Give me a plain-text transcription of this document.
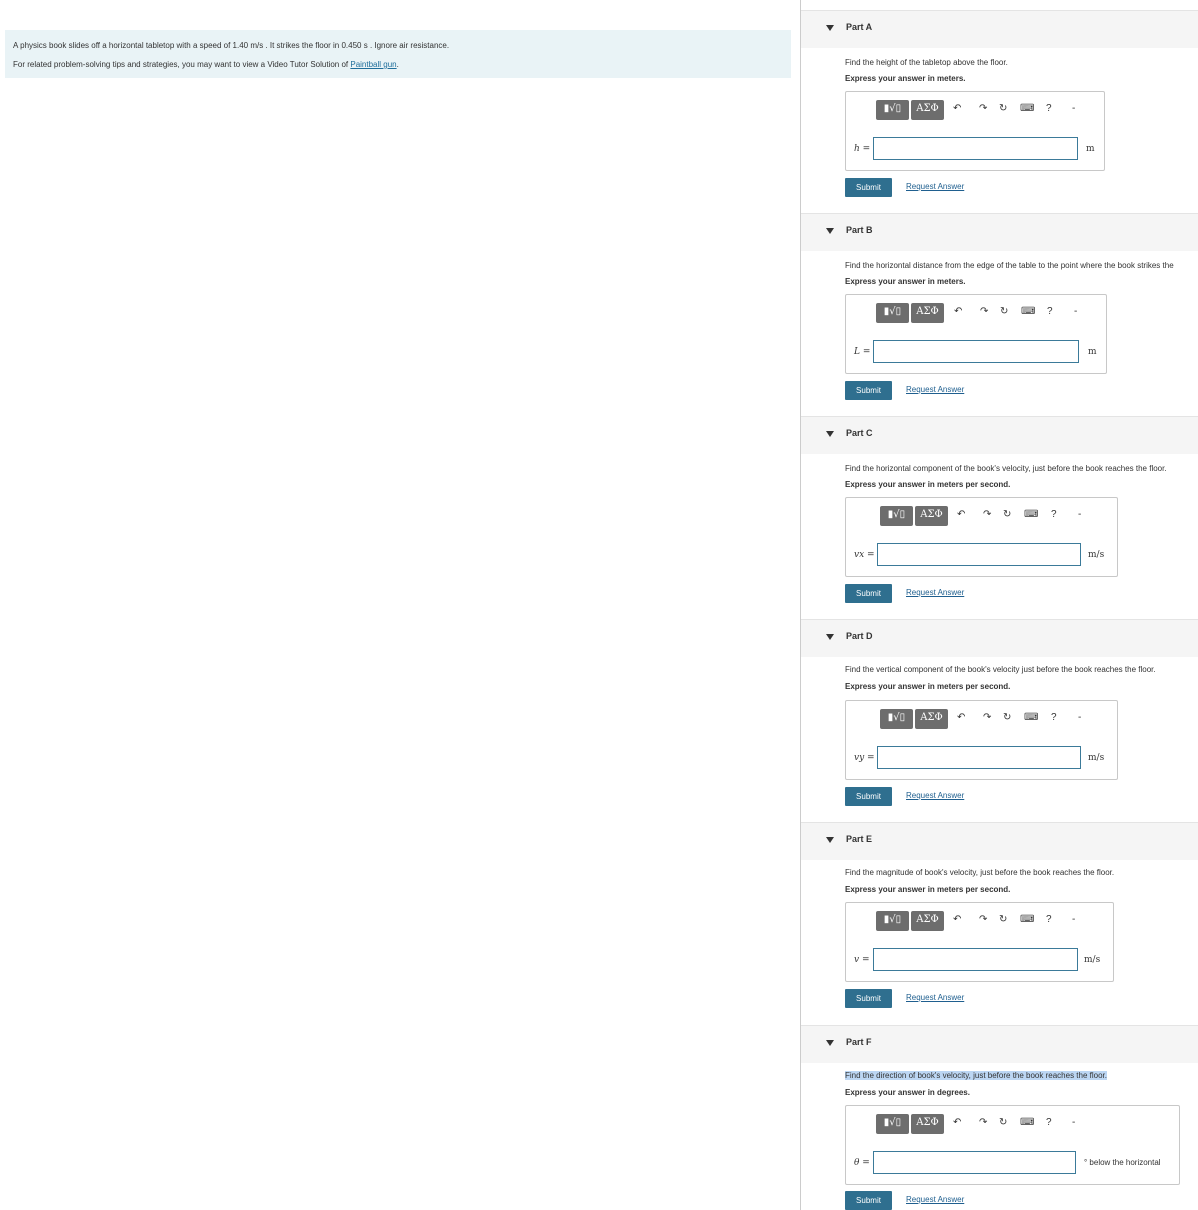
A physics book slides off a horizontal tabletop with a speed of 1.40 m/s . It strikes the floor in 0.450 s . Ignore air resistance.
For related problem-solving tips and strategies, you may want to view a Video Tutor Solution of Paintball gun.
Part A
Find the height of the tabletop above the floor.
Express your answer in meters.
▮√▯	ΑΣΦ	↶ ↷ ↻ ⌨ ? -
h =	m
Submit	Request Answer
Part B
Find the horizontal distance from the edge of the table to the point where the book strikes the
Express your answer in meters.
▮√▯	ΑΣΦ	↶ ↷ ↻ ⌨ ? -
L =	m
Submit	Request Answer
Part C
Find the horizontal component of the book's velocity, just before the book reaches the floor.
Express your answer in meters per second.
▮√▯	ΑΣΦ	↶ ↷ ↻ ⌨ ? -
vx =	m/s
Submit	Request Answer
Part D
Find the vertical component of the book's velocity just before the book reaches the floor.
Express your answer in meters per second.
▮√▯	ΑΣΦ	↶ ↷ ↻ ⌨ ? -
vy =	m/s
Submit	Request Answer
Part E
Find the magnitude of book's velocity, just before the book reaches the floor.
Express your answer in meters per second.
▮√▯	ΑΣΦ	↶ ↷ ↻ ⌨ ? -
v =	m/s
Submit	Request Answer
Part F
Find the direction of book's velocity, just before the book reaches the floor.
Express your answer in degrees.
▮√▯	ΑΣΦ	↶ ↷ ↻ ⌨ ? -
θ =	° below the horizontal
Submit	Request Answer
